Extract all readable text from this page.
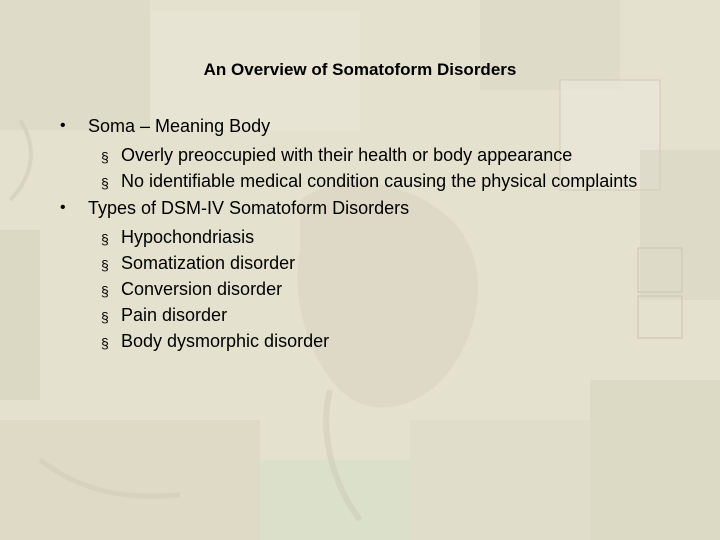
An Overview of Somatoform Disorders
•	Soma – Meaning Body
§ Overly preoccupied with their health or body appearance
§ No identifiable medical condition causing the physical complaints
•	Types of DSM-IV Somatoform Disorders
§ Hypochondriasis
§ Somatization disorder
§ Conversion disorder
§ Pain disorder
§ Body dysmorphic disorder
